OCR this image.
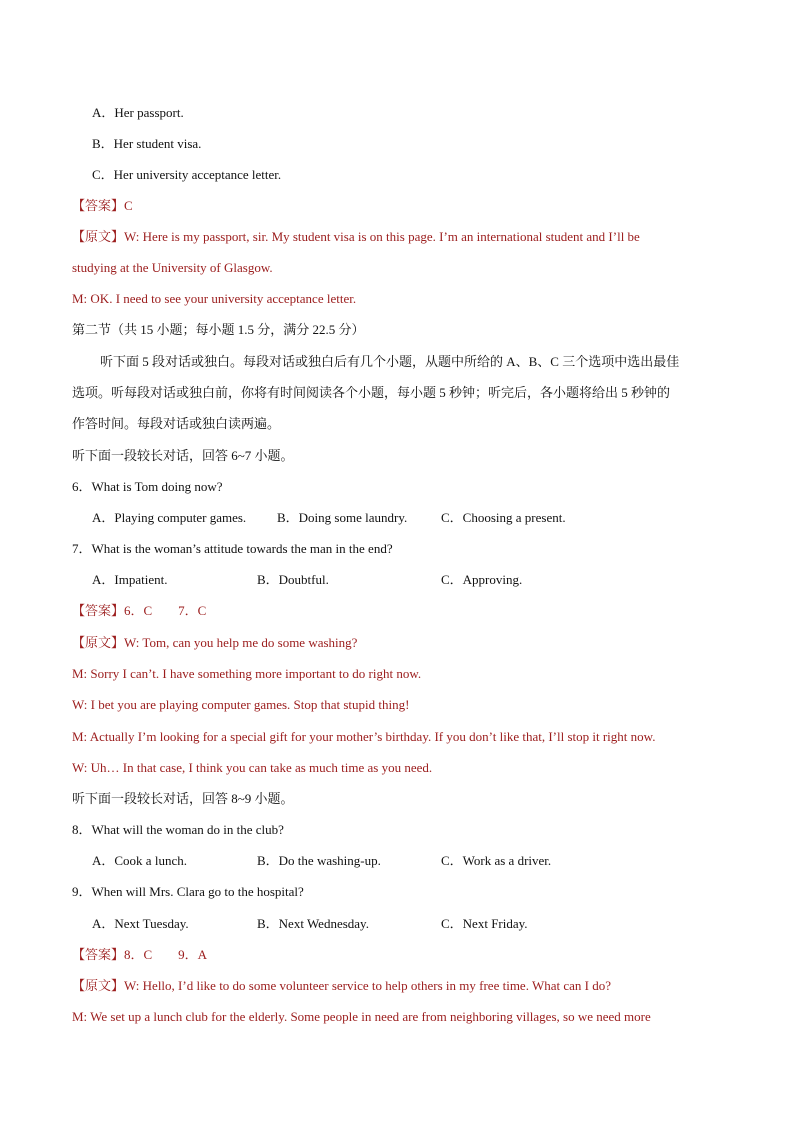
A．Her passport.
B．Her student visa.
C．Her university acceptance letter.
【答案】C
【原文】W: Here is my passport, sir. My student visa is on this page. I’m an international student and I’ll be
studying at the University of Glasgow.
M: OK. I need to see your university acceptance letter.
第二节（共 15 小题；每小题 1.5 分，满分 22.5 分）
听下面 5 段对话或独白。每段对话或独白后有几个小题，从题中所给的 A、B、C 三个选项中选出最佳
选项。听每段对话或独白前，你将有时间阅读各个小题，每小题 5 秒钟；听完后，各小题将给出 5 秒钟的
作答时间。每段对话或独白读两遍。
听下面一段较长对话，回答 6~7 小题。
6．What is Tom doing now?
A．Playing computer games. B．Doing some laundry.	C．Choosing a present.
7．What is the woman’s attitude towards the man in the end?
A．Impatient.	B．Doubtful.	C．Approving.
【答案】6．C　　7．C
【原文】W: Tom, can you help me do some washing?
M: Sorry I can’t. I have something more important to do right now.
W: I bet you are playing computer games. Stop that stupid thing!
M: Actually I’m looking for a special gift for your mother’s birthday. If you don’t like that, I’ll stop it right now.
W: Uh… In that case, I think you can take as much time as you need.
听下面一段较长对话，回答 8~9 小题。
8．What will the woman do in the club?
A．Cook a lunch.	B．Do the washing-up.	C．Work as a driver.
9．When will Mrs. Clara go to the hospital?
A．Next Tuesday.	B．Next Wednesday.	C．Next Friday.
【答案】8．C　　9．A
【原文】W: Hello, I’d like to do some volunteer service to help others in my free time. What can I do?
M: We set up a lunch club for the elderly. Some people in need are from neighboring villages, so we need more
